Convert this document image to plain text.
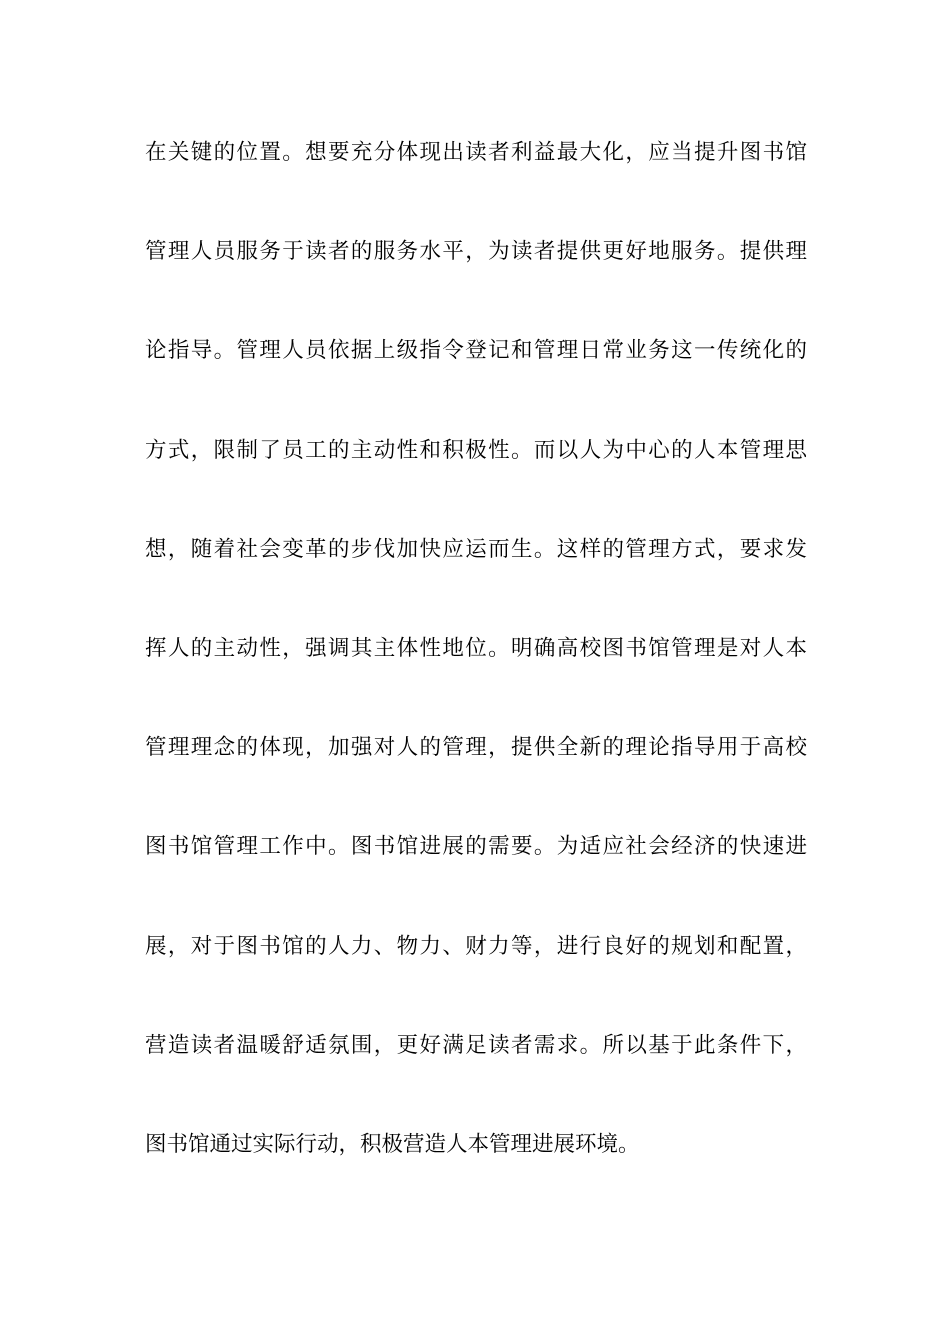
在关键的位置。想要充分体现出读者利益最大化，应当提升图书馆
管理人员服务于读者的服务水平，为读者提供更好地服务。提供理
论指导。管理人员依据上级指令登记和管理日常业务这一传统化的
方式，限制了员工的主动性和积极性。而以人为中心的人本管理思
想，随着社会变革的步伐加快应运而生。这样的管理方式，要求发
挥人的主动性，强调其主体性地位。明确高校图书馆管理是对人本
管理理念的体现，加强对人的管理，提供全新的理论指导用于高校
图书馆管理工作中。图书馆进展的需要。为适应社会经济的快速进
展，对于图书馆的人力、物力、财力等，进行良好的规划和配置，
营造读者温暖舒适氛围，更好满足读者需求。所以基于此条件下，
图书馆通过实际行动，积极营造人本管理进展环境。
